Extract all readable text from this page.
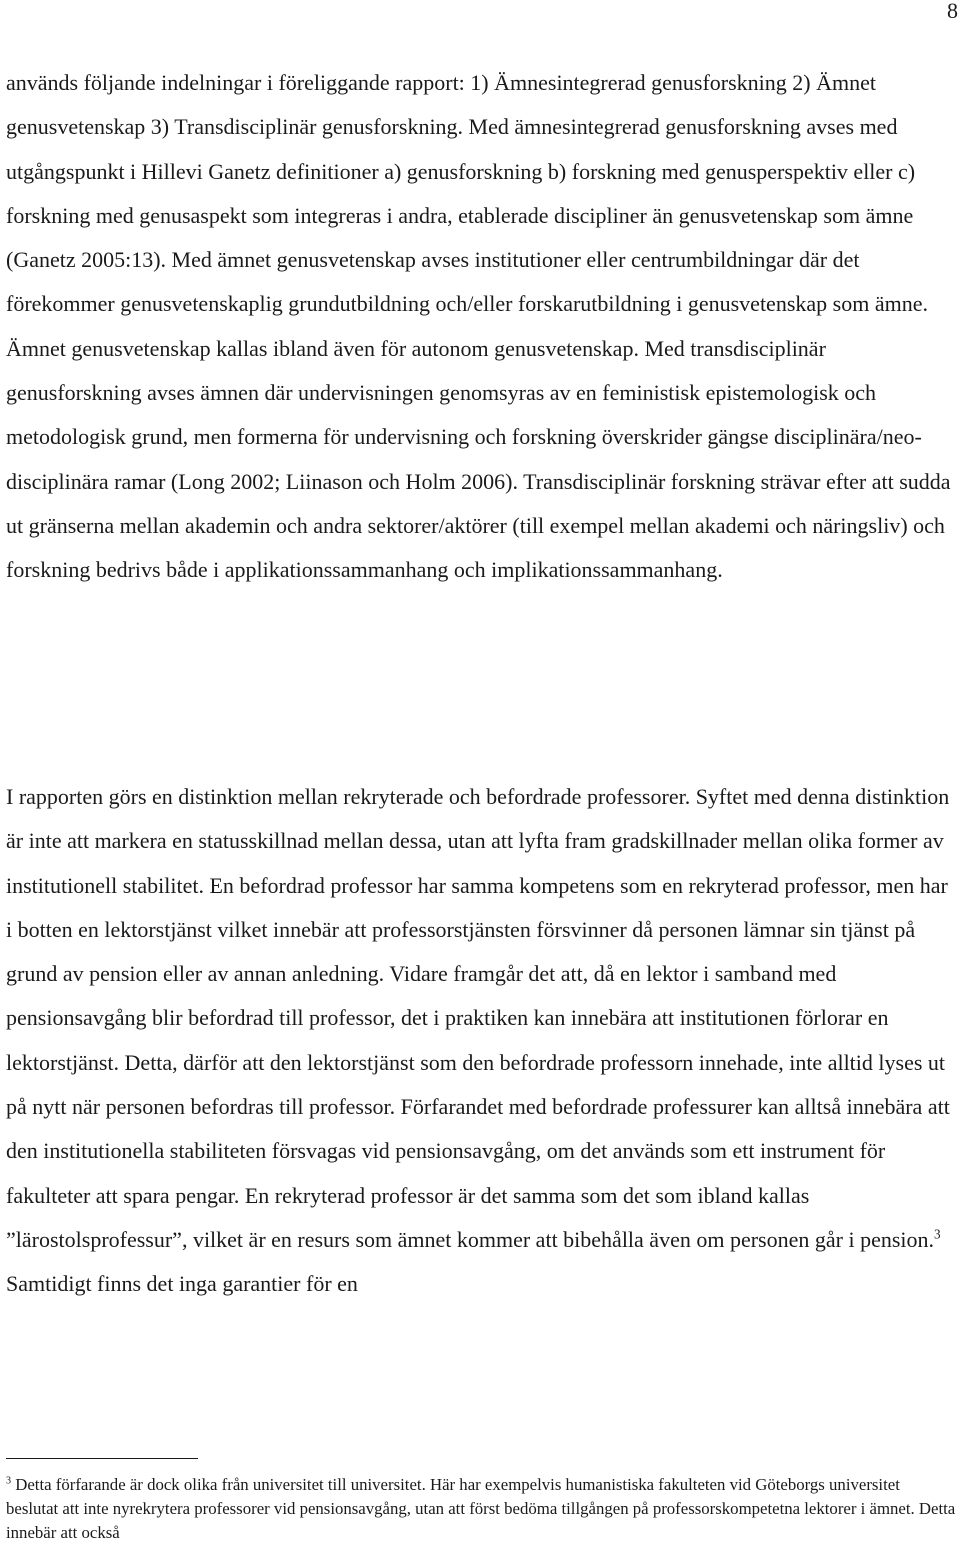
8

används följande indelningar i föreliggande rapport: 1) Ämnesintegrerad genusforskning 2) Ämnet genusvetenskap 3) Transdisciplinär genusforskning. Med ämnesintegrerad genusforskning avses med utgångspunkt i Hillevi Ganetz definitioner a) genusforskning b) forskning med genusperspektiv eller c) forskning med genusaspekt som integreras i andra, etablerade discipliner än genusvetenskap som ämne (Ganetz 2005:13). Med ämnet genusvetenskap avses institutioner eller centrumbildningar där det förekommer genusvetenskaplig grundutbildning och/eller forskarutbildning i genusvetenskap som ämne. Ämnet genusvetenskap kallas ibland även för autonom genusvetenskap. Med transdisciplinär genusforskning avses ämnen där undervisningen genomsyras av en feministisk epistemologisk och metodologisk grund, men formerna för undervisning och forskning överskrider gängse disciplinära/neo-disciplinära ramar (Long 2002; Liinason och Holm 2006). Transdisciplinär forskning strävar efter att sudda ut gränserna mellan akademin och andra sektorer/aktörer (till exempel mellan akademi och näringsliv) och forskning bedrivs både i applikationssammanhang och implikationssammanhang.

I rapporten görs en distinktion mellan rekryterade och befordrade professorer. Syftet med denna distinktion är inte att markera en statusskillnad mellan dessa, utan att lyfta fram gradskillnader mellan olika former av institutionell stabilitet. En befordrad professor har samma kompetens som en rekryterad professor, men har i botten en lektorstjänst vilket innebär att professorstjänsten försvinner då personen lämnar sin tjänst på grund av pension eller av annan anledning. Vidare framgår det att, då en lektor i samband med pensionsavgång blir befordrad till professor, det i praktiken kan innebära att institutionen förlorar en lektorstjänst. Detta, därför att den lektorstjänst som den befordrade professorn innehade, inte alltid lyses ut på nytt när personen befordras till professor. Förfarandet med befordrade professurer kan alltså innebära att den institutionella stabiliteten försvagas vid pensionsavgång, om det används som ett instrument för fakulteter att spara pengar. En rekryterad professor är det samma som det som ibland kallas ”lärostolsprofessur”, vilket är en resurs som ämnet kommer att bibehålla även om personen går i pension.$^3$ Samtidigt finns det inga garantier för en

$^3$ Detta förfarande är dock olika från universitet till universitet. Här har exempelvis humanistiska fakulteten vid Göteborgs universitet beslutat att inte nyrekrytera professorer vid pensionsavgång, utan att först bedöma tillgången på professorskompetetna lektorer i ämnet. Detta innebär att också
